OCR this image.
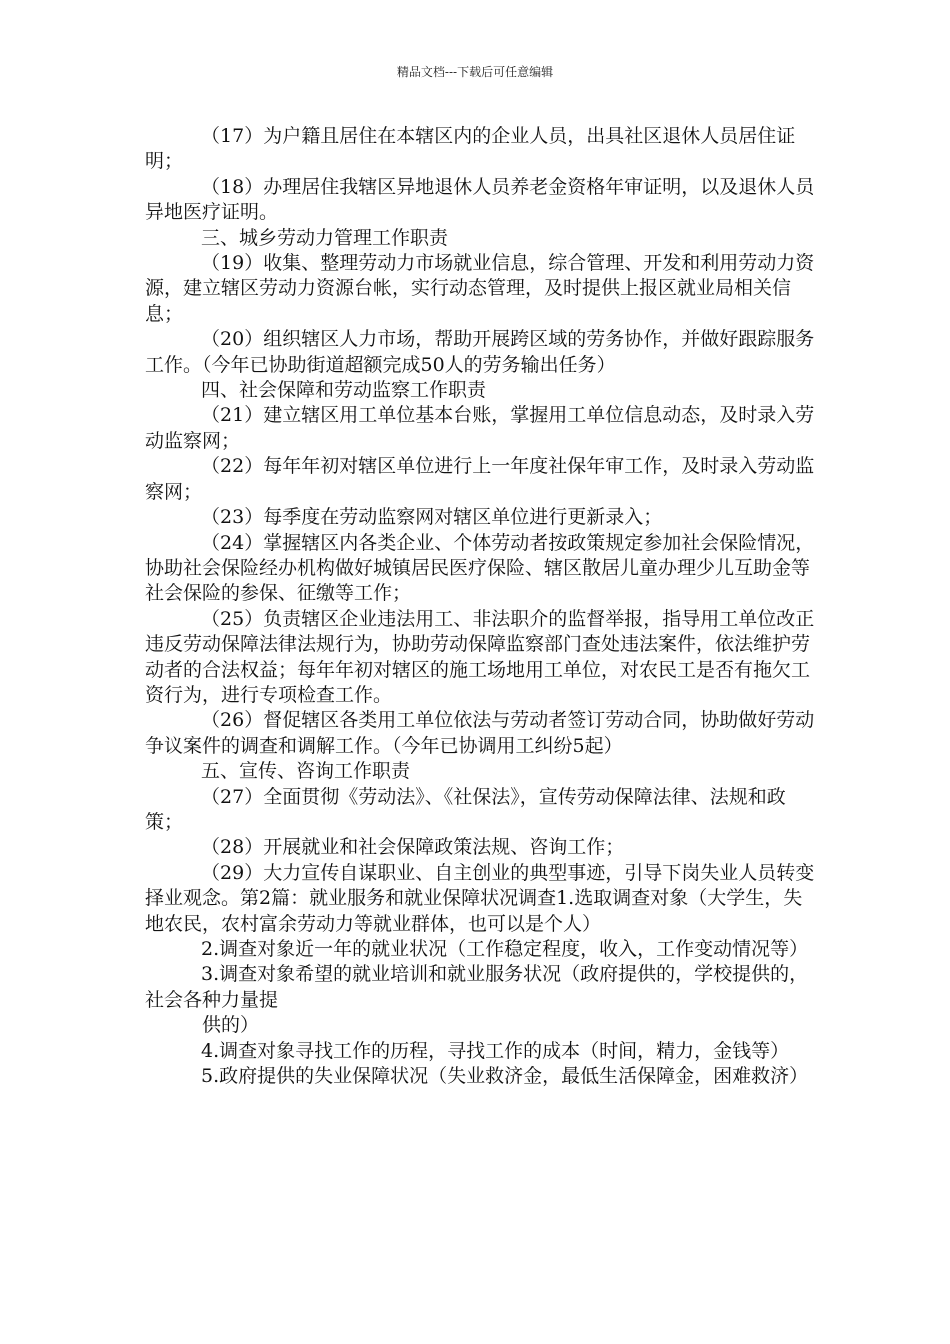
精品文档---下载后可任意编辑

（17）为户籍且居住在本辖区内的企业人员，出具社区退休人员居住证明；

（18）办理居住我辖区异地退休人员养老金资格年审证明，以及退休人员异地医疗证明。

三、城乡劳动力管理工作职责

（19）收集、整理劳动力市场就业信息，综合管理、开发和利用劳动力资源，建立辖区劳动力资源台帐，实行动态管理，及时提供上报区就业局相关信息；

（20）组织辖区人力市场，帮助开展跨区域的劳务协作，并做好跟踪服务工作。（今年已协助街道超额完成50人的劳务输出任务）

四、社会保障和劳动监察工作职责

（21）建立辖区用工单位基本台账，掌握用工单位信息动态，及时录入劳动监察网；

（22）每年年初对辖区单位进行上一年度社保年审工作，及时录入劳动监察网；

（23）每季度在劳动监察网对辖区单位进行更新录入；

（24）掌握辖区内各类企业、个体劳动者按政策规定参加社会保险情况，协助社会保险经办机构做好城镇居民医疗保险、辖区散居儿童办理少儿互助金等社会保险的参保、征缴等工作；

（25）负责辖区企业违法用工、非法职介的监督举报，指导用工单位改正违反劳动保障法律法规行为，协助劳动保障监察部门查处违法案件，依法维护劳动者的合法权益；每年年初对辖区的施工场地用工单位，对农民工是否有拖欠工资行为，进行专项检查工作。

（26）督促辖区各类用工单位依法与劳动者签订劳动合同，协助做好劳动争议案件的调查和调解工作。（今年已协调用工纠纷5起）

五、宣传、咨询工作职责

（27）全面贯彻《劳动法》、《社保法》，宣传劳动保障法律、法规和政策；

（28）开展就业和社会保障政策法规、咨询工作；

（29）大力宣传自谋职业、自主创业的典型事迹，引导下岗失业人员转变择业观念。第2篇：就业服务和就业保障状况调查1.选取调查对象（大学生，失地农民，农村富余劳动力等就业群体，也可以是个人）

2.调查对象近一年的就业状况（工作稳定程度，收入，工作变动情况等）

3.调查对象希望的就业培训和就业服务状况（政府提供的，学校提供的，社会各种力量提

供的）

4.调查对象寻找工作的历程，寻找工作的成本（时间，精力，金钱等）

5.政府提供的失业保障状况（失业救济金，最低生活保障金，困难救济）
